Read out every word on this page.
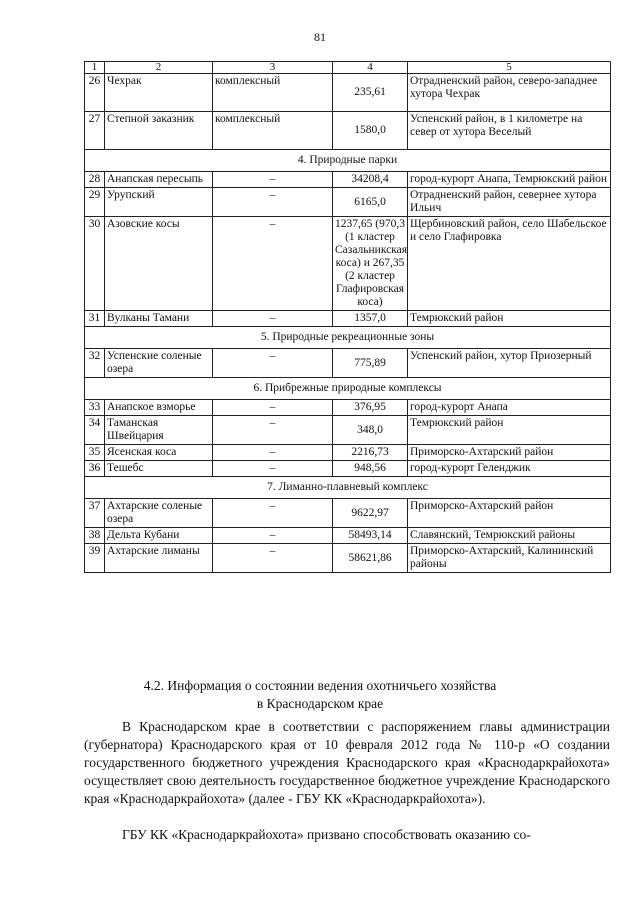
81
1	2	3	4	5
26	Чехрак	комплексный	235,61	Отрадненский район, северо-западнее хутора Чехрак
27	Степной заказник	комплексный	1580,0	Успенский район, в 1 километре на север от хутора Веселый
4. Природные парки				
28	Анапская пересыпь	–	34208,4	город-курорт Анапа, Темрюкский район
29	Урупский	–	6165,0	Отрадненский район, севернее хутора Ильич
30	Азовские косы	–	1237,65 (970,3 (1 кластер Сазальникская коса) и 267,35 (2 кластер Глафировская коса)	Щербиновский район, село Шабельское и село Глафировка
31	Вулканы Тамани	–	1357,0	Темрюкский район
5. Природные рекреационные зоны				
32	Успенские соленые озера	–	775,89	Успенский район, хутор Приозерный
6. Прибрежные природные комплексы				
33	Анапское взморье	–	376,95	город-курорт Анапа
34	Таманская Швейцария	–	348,0	Темрюкский район
35	Ясенская коса	–	2216,73	Приморско-Ахтарский район
36	Тешебс	–	948,56	город-курорт Геленджик
7. Лиманно-плавневый комплекс				
37	Ахтарские соленые озера	–	9622,97	Приморско-Ахтарский район
38	Дельта Кубани	–	58493,14	Славянский, Темрюкский районы
39	Ахтарские лиманы	–	58621,86	Приморско-Ахтарский, Калининский районы
4.2. Информация о состоянии ведения охотничьего хозяйства
в Краснодарском крае
В Краснодарском крае в соответствии с распоряжением главы администрации (губернатора) Краснодарского края от 10 февраля 2012 года № 110-р «О создании государственного бюджетного учреждения Краснодарского края «Краснодаркрайохота» осуществляет свою деятельность государственное бюджетное учреждение Краснодарского края «Краснодаркрайохота» (далее - ГБУ КК «Краснодаркрайохота»).
ГБУ КК «Краснодаркрайохота» призвано способствовать оказанию со-
